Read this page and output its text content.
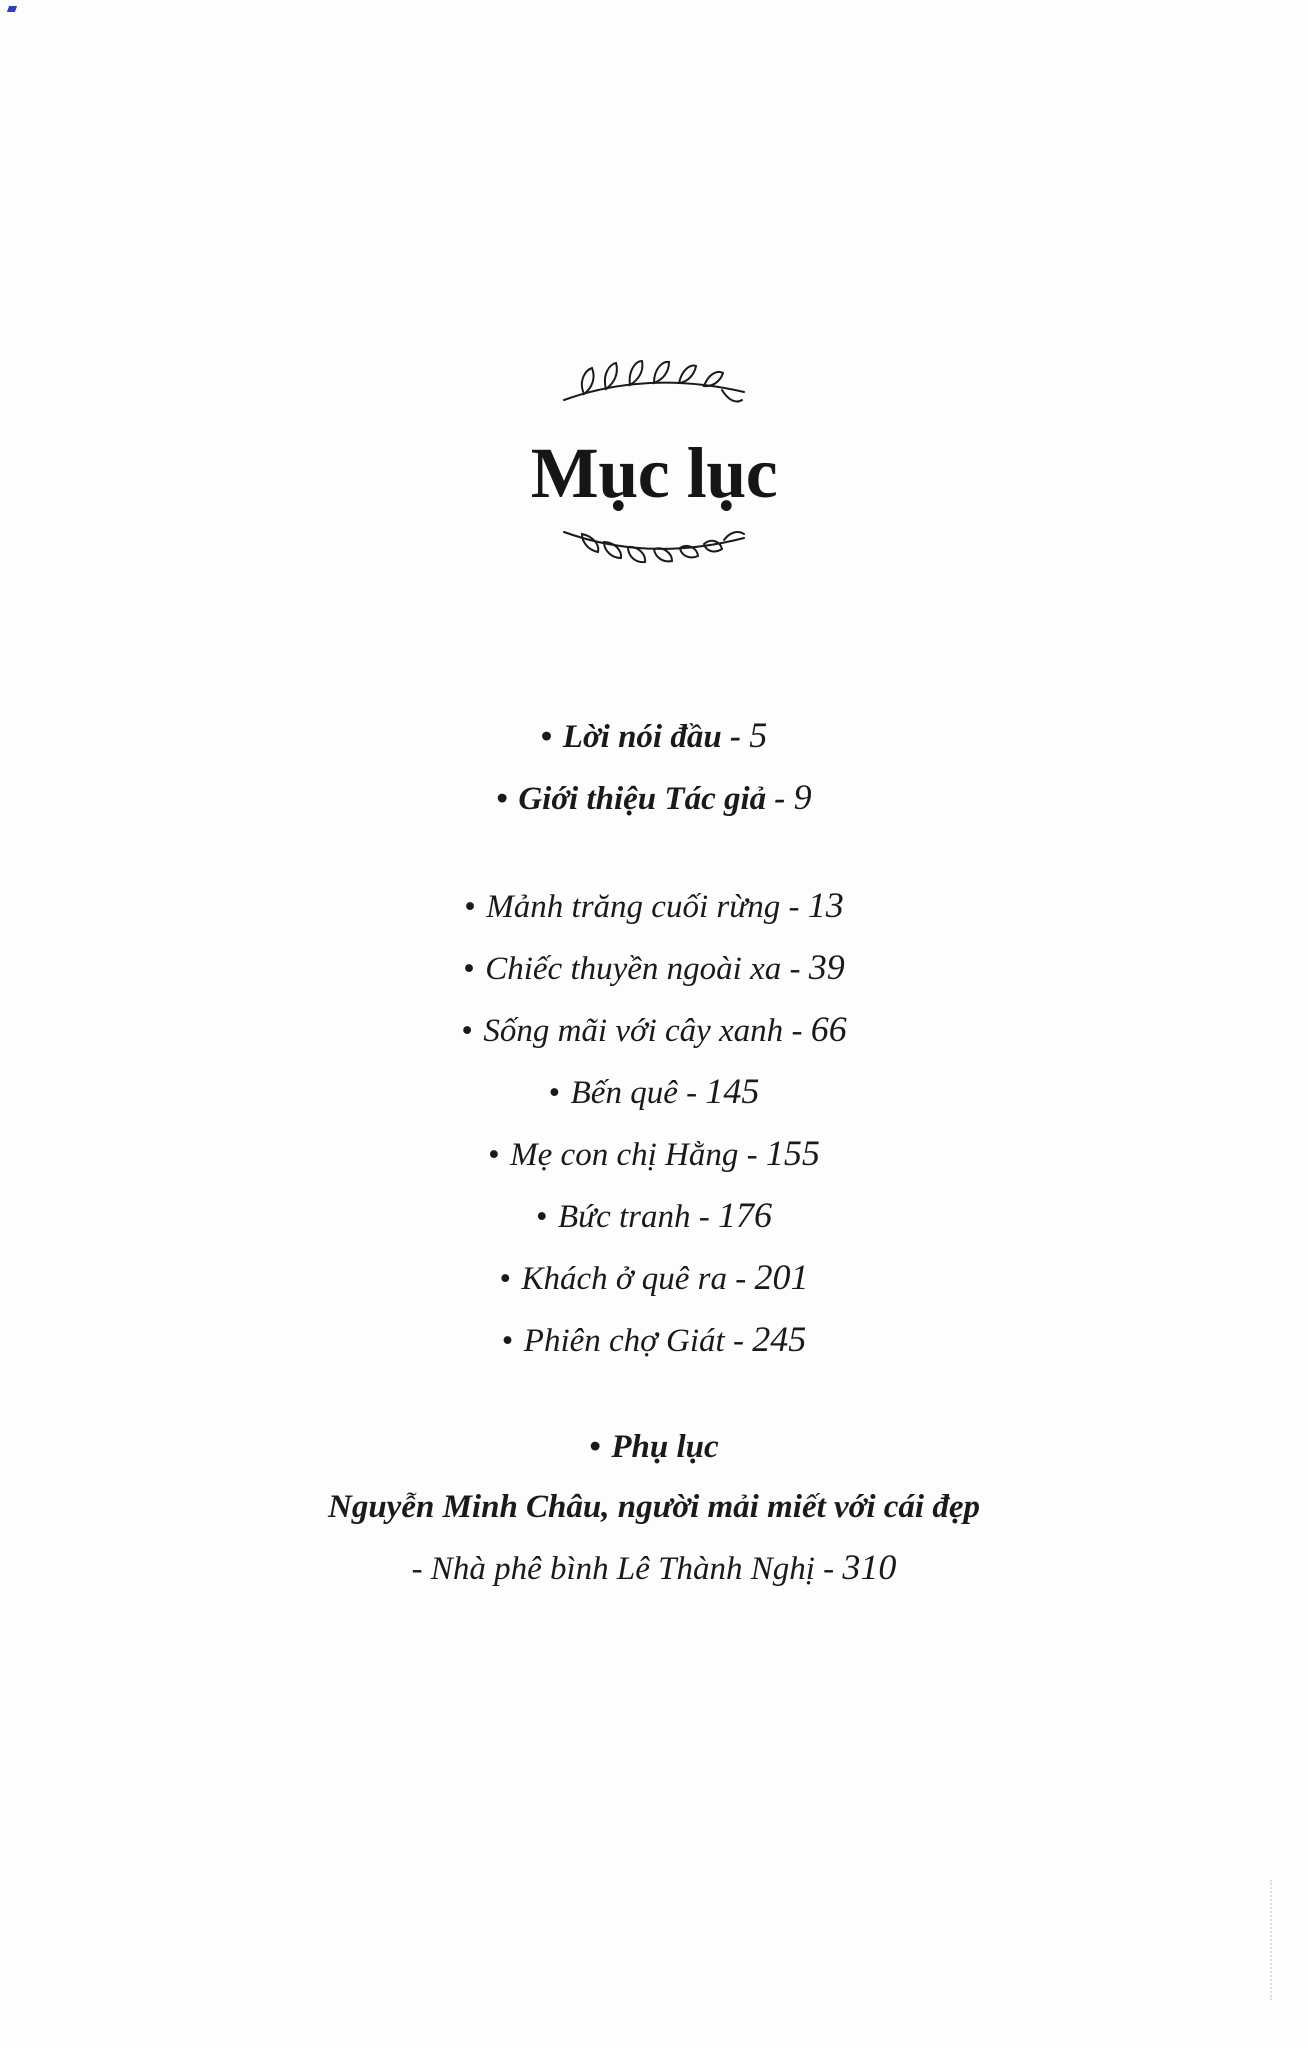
Mục lục
• Lời nói đầu - 5
• Giới thiệu Tác giả - 9
• Mảnh trăng cuối rừng - 13
• Chiếc thuyền ngoài xa - 39
• Sống mãi với cây xanh - 66
• Bến quê - 145
• Mẹ con chị Hằng - 155
• Bức tranh - 176
• Khách ở quê ra - 201
• Phiên chợ Giát - 245
• Phụ lục
Nguyễn Minh Châu, người mải miết với cái đẹp
- Nhà phê bình Lê Thành Nghị - 310
